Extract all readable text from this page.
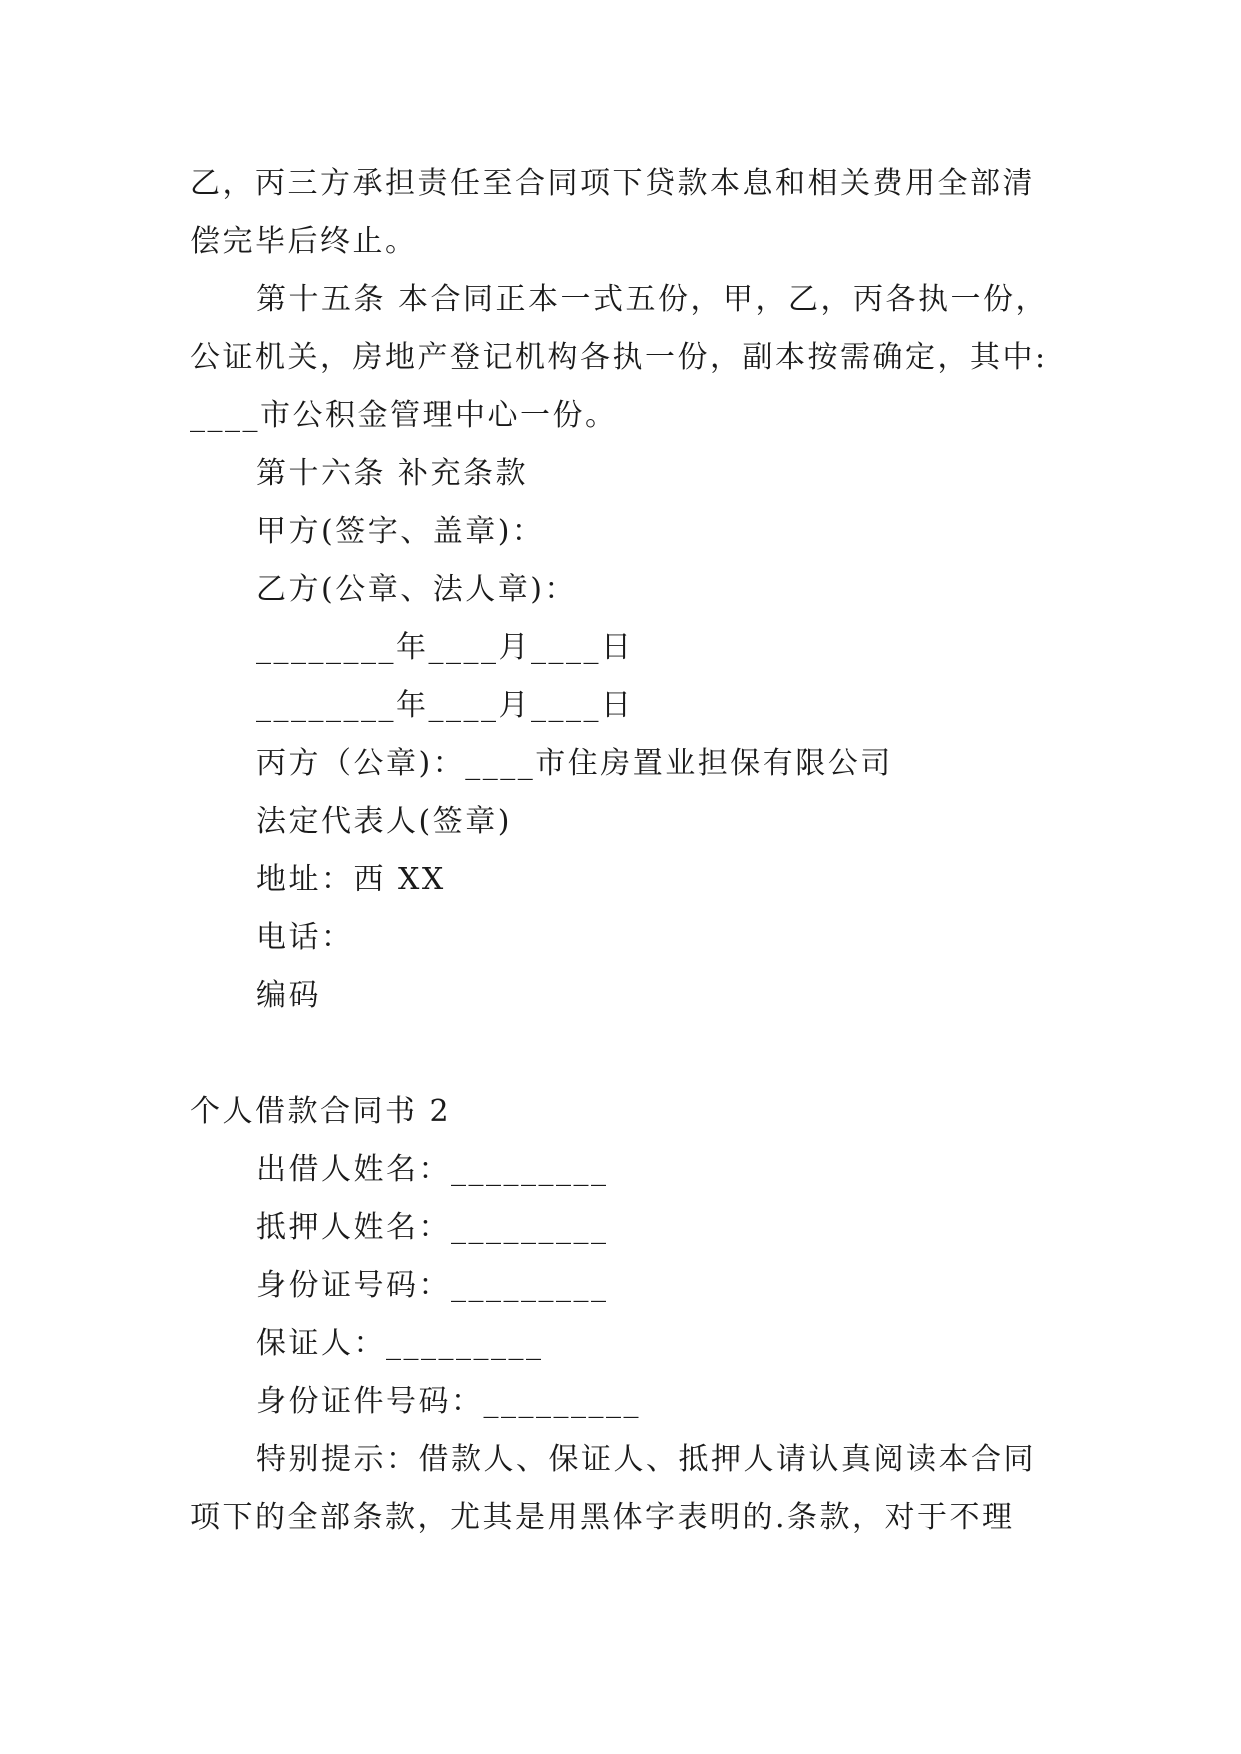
乙，丙三方承担责任至合同项下贷款本息和相关费用全部清
偿完毕后终止。
第十五条 本合同正本一式五份，甲，乙，丙各执一份，
公证机关，房地产登记机构各执一份，副本按需确定，其中:
____市公积金管理中心一份。
第十六条 补充条款
甲方(签字、盖章)：
乙方(公章、法人章)：
________年____月____日
________年____月____日
丙方（公章)：____市住房置业担保有限公司
法定代表人(签章)
地址：西 XX
电话：
编码
个人借款合同书 2
出借人姓名：_________
抵押人姓名：_________
身份证号码：_________
保证人：_________
身份证件号码：_________
特别提示：借款人、保证人、抵押人请认真阅读本合同
项下的全部条款，尤其是用黑体字表明的.条款，对于不理
